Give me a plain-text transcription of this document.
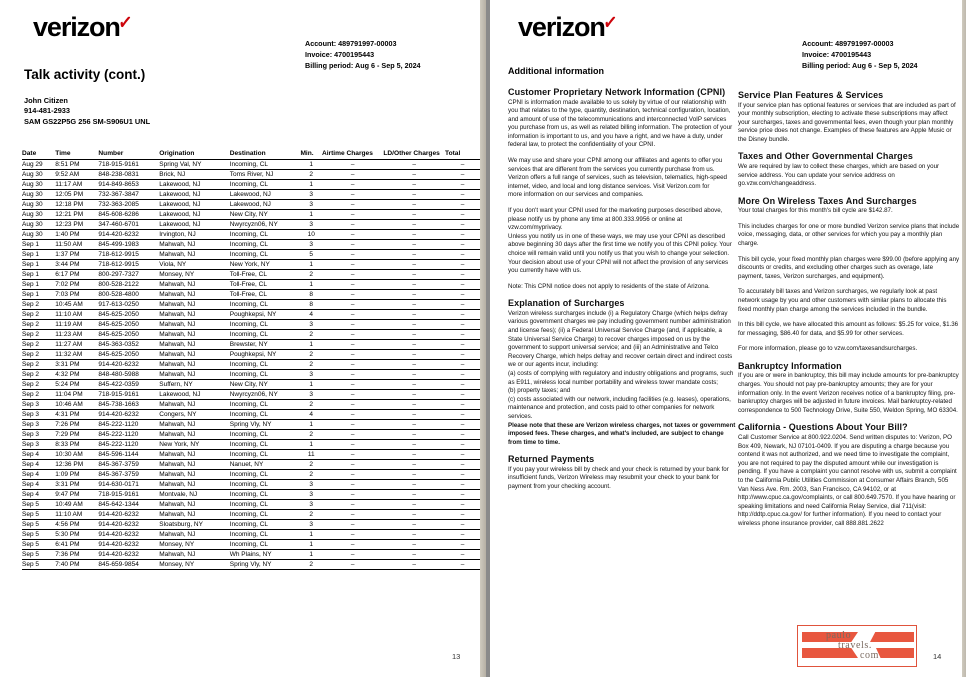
verizon✓
Account: 489791997-00003
Invoice: 4700195443
Billing period: Aug 6 - Sep 5, 2024
Talk activity (cont.)
John Citizen
914-481-2933
SAM GS22P5G 256 SM-S906U1 UNL
Date	Time	Number	Origination	Destination	Min.	Airtime Charges	LD/Other Charges	Total
Aug 29	8:51 PM	718-915-9161	Spring Val, NY	Incoming, CL	1	–	–	–
Aug 30	9:52 AM	848-238-0831	Brick, NJ	Toms River, NJ	2	–	–	–
Aug 30	11:17 AM	914-849-8653	Lakewood, NJ	Incoming, CL	1	–	–	–
Aug 30	12:05 PM	732-367-3847	Lakewood, NJ	Lakewood, NJ	3	–	–	–
Aug 30	12:18 PM	732-363-2085	Lakewood, NJ	Lakewood, NJ	3	–	–	–
Aug 30	12:21 PM	845-608-6286	Lakewood, NJ	New City, NY	1	–	–	–
Aug 30	12:23 PM	347-460-6701	Lakewood, NJ	Nwyrcyzn06, NY	3	–	–	–
Aug 30	1:40 PM	914-420-6232	Irvington, NJ	Incoming, CL	10	–	–	–
Sep 1	11:50 AM	845-499-1983	Mahwah, NJ	Incoming, CL	3	–	–	–
Sep 1	1:37 PM	718-612-9915	Mahwah, NJ	Incoming, CL	5	–	–	–
Sep 1	3:44 PM	718-612-9915	Viola, NY	New York, NY	1	–	–	–
Sep 1	6:17 PM	800-297-7327	Monsey, NY	Toll-Free, CL	2	–	–	–
Sep 1	7:02 PM	800-528-2122	Mahwah, NJ	Toll-Free, CL	1	–	–	–
Sep 1	7:03 PM	800-528-4800	Mahwah, NJ	Toll-Free, CL	8	–	–	–
Sep 2	10:45 AM	917-613-0250	Mahwah, NJ	Incoming, CL	8	–	–	–
Sep 2	11:10 AM	845-625-2050	Mahwah, NJ	Poughkepsi, NY	4	–	–	–
Sep 2	11:19 AM	845-625-2050	Mahwah, NJ	Incoming, CL	3	–	–	–
Sep 2	11:23 AM	845-625-2050	Mahwah, NJ	Incoming, CL	2	–	–	–
Sep 2	11:27 AM	845-363-0352	Mahwah, NJ	Brewster, NY	1	–	–	–
Sep 2	11:32 AM	845-625-2050	Mahwah, NJ	Poughkepsi, NY	2	–	–	–
Sep 2	3:31 PM	914-420-6232	Mahwah, NJ	Incoming, CL	2	–	–	–
Sep 2	4:32 PM	848-480-5988	Mahwah, NJ	Incoming, CL	3	–	–	–
Sep 2	5:24 PM	845-422-0359	Suffern, NY	New City, NY	1	–	–	–
Sep 2	11:04 PM	718-915-9161	Lakewood, NJ	Nwyrcyzn06, NY	3	–	–	–
Sep 3	10:46 AM	845-738-1663	Mahwah, NJ	Incoming, CL	2	–	–	–
Sep 3	4:31 PM	914-420-6232	Congers, NY	Incoming, CL	4	–	–	–
Sep 3	7:26 PM	845-222-1120	Mahwah, NJ	Spring Vly, NY	1	–	–	–
Sep 3	7:29 PM	845-222-1120	Mahwah, NJ	Incoming, CL	2	–	–	–
Sep 3	8:33 PM	845-222-1120	New York, NY	Incoming, CL	1	–	–	–
Sep 4	10:30 AM	845-596-1144	Mahwah, NJ	Incoming, CL	11	–	–	–
Sep 4	12:36 PM	845-367-3759	Mahwah, NJ	Nanuet, NY	2	–	–	–
Sep 4	1:09 PM	845-367-3759	Mahwah, NJ	Incoming, CL	2	–	–	–
Sep 4	3:31 PM	914-630-0171	Mahwah, NJ	Incoming, CL	3	–	–	–
Sep 4	9:47 PM	718-915-9161	Montvale, NJ	Incoming, CL	3	–	–	–
Sep 5	10:49 AM	845-642-1344	Mahwah, NJ	Incoming, CL	3	–	–	–
Sep 5	11:10 AM	914-420-6232	Mahwah, NJ	Incoming, CL	2	–	–	–
Sep 5	4:56 PM	914-420-6232	Sloatsburg, NY	Incoming, CL	3	–	–	–
Sep 5	5:30 PM	914-420-6232	Mahwah, NJ	Incoming, CL	1	–	–	–
Sep 5	6:41 PM	914-420-6232	Monsey, NY	Incoming, CL	1	–	–	–
Sep 5	7:36 PM	914-420-6232	Mahwah, NJ	Wh Plains, NY	1	–	–	–
Sep 5	7:40 PM	845-659-9854	Monsey, NY	Spring Vly, NY	2	–	–	–
13
verizon✓
Account: 489791997-00003
Invoice: 4700195443
Billing period: Aug 6 - Sep 5, 2024
Additional information
Customer Proprietary Network Information (CPNI)

CPNI is information made available to us solely by virtue of our relationship with you that relates to the type, quantity, destination, technical configuration, location, and amount of use of the telecommunications and interconnected VoIP services you purchase from us, as well as related billing information. The protection of your information is important to us, and you have a right, and we have a duty, under federal law, to protect the confidentiality of your CPNI.

We may use and share your CPNI among our affiliates and agents to offer you services that are different from the services you currently purchase from us. Verizon offers a full range of services, such as television, telematics, high-speed internet, video, and local and long distance services. Visit Verizon.com for

more information on our services and companies.

If you don't want your CPNI used for the marketing purposes described above, please notify us by phone any time at 800.333.9956 or online at vzw.com/myprivacy.

Unless you notify us in one of these ways, we may use your CPNI as described above beginning 30 days after the first time we notify you of this CPNI policy. Your choice will remain valid until you notify us that you wish to change your selection. Your decision about use of your CPNI will not affect the provision of any services you currently have with us.

Note: This CPNI notice does not apply to residents of the state of Arizona.

Explanation of Surcharges

Verizon wireless surcharges include (i) a Regulatory Charge (which helps defray various government charges we pay including government number administration and license fees); (ii) a Federal Universal Service Charge (and, if applicable, a State Universal Service Charge) to recover charges imposed on us by the government to support universal service; and (iii) an Administrative and Telco Recovery Charge, which helps defray and recover certain direct and indirect costs we or our agents incur, including:

(a) costs of complying with regulatory and industry obligations and programs, such as E911, wireless local number portability and wireless tower mandate costs;

(b) property taxes; and

(c) costs associated with our network, including facilities (e.g. leases), operations, maintenance and protection, and costs paid to other companies for network services.

Please note that these are Verizon wireless charges, not taxes or government imposed fees. These charges, and what's included, are subject to change from time to time.

Returned Payments

If you pay your wireless bill by check and your check is returned by your bank for insufficient funds, Verizon Wireless may resubmit your check to your bank for payment from your checking account.

Service Plan Features & Services

If your service plan has optional features or services that are included as part of your monthly subscription, electing to activate these subscriptions may affect your surcharges, taxes and governmental fees, even though your plan monthly service price does not change. Examples of these features are Apple Music or the Disney bundle.

Taxes and Other Governmental Charges

We are required by law to collect these charges, which are based on your service address. You can update your service address on go.vzw.com/changeaddress.

More On Wireless Taxes And Surcharges

Your total charges for this month's bill cycle are $142.87.

This includes charges for one or more bundled Verizon service plans that include voice, messaging, data, or other services for which you pay a monthly plan charge.

This bill cycle, your fixed monthly plan charges were $99.00 (before applying any discounts or credits, and excluding other charges such as overage, late payment, taxes, Verizon surcharges, and equipment).

To accurately bill taxes and Verizon surcharges, we regularly look at past network usage by you and other customers with similar plans to allocate this fixed monthly plan charge among the services included in the bundle.

In this bill cycle, we have allocated this amount as follows: $5.25 for voice, $1.36 for messaging, $86.40 for data, and $5.99 for other services.

For more information, please go to vzw.com/taxesandsurcharges.

Bankruptcy Information

If you are or were in bankruptcy, this bill may include amounts for pre-bankruptcy charges. You should not pay pre-bankruptcy amounts; they are for your information only. In the event Verizon receives notice of a bankruptcy filing, pre-bankruptcy charges will be adjusted in future invoices. Mail bankruptcy-related correspondence to 500 Technology Drive, Suite 550, Weldon Spring, MO 63304.

California - Questions About Your Bill?

Call Customer Service at 800.922.0204. Send written disputes to: Verizon, PO Box 409, Newark, NJ 07101-0409. If you are disputing a charge because you contend it was not authorized, and we need time to investigate the complaint, you are not required to pay the disputed amount while our investigation is pending. If you have a complaint you cannot resolve with us, submit a complaint to the California Public Utilities Commission at Consumer Affairs Branch, 505 Van Ness Ave. Rm. 2003, San Francisco, CA 94102, or at http://www.cpuc.ca.gov/complaints, or call 800.649.7570. If you have hearing or speaking limitations and need California Relay Service, dial 711(visit: http://ddtp.cpuc.ca.gov/ for further information). If you need to contact your wireless phone insurance provider, call 888.881.2622

14
paulo
travels.
com
